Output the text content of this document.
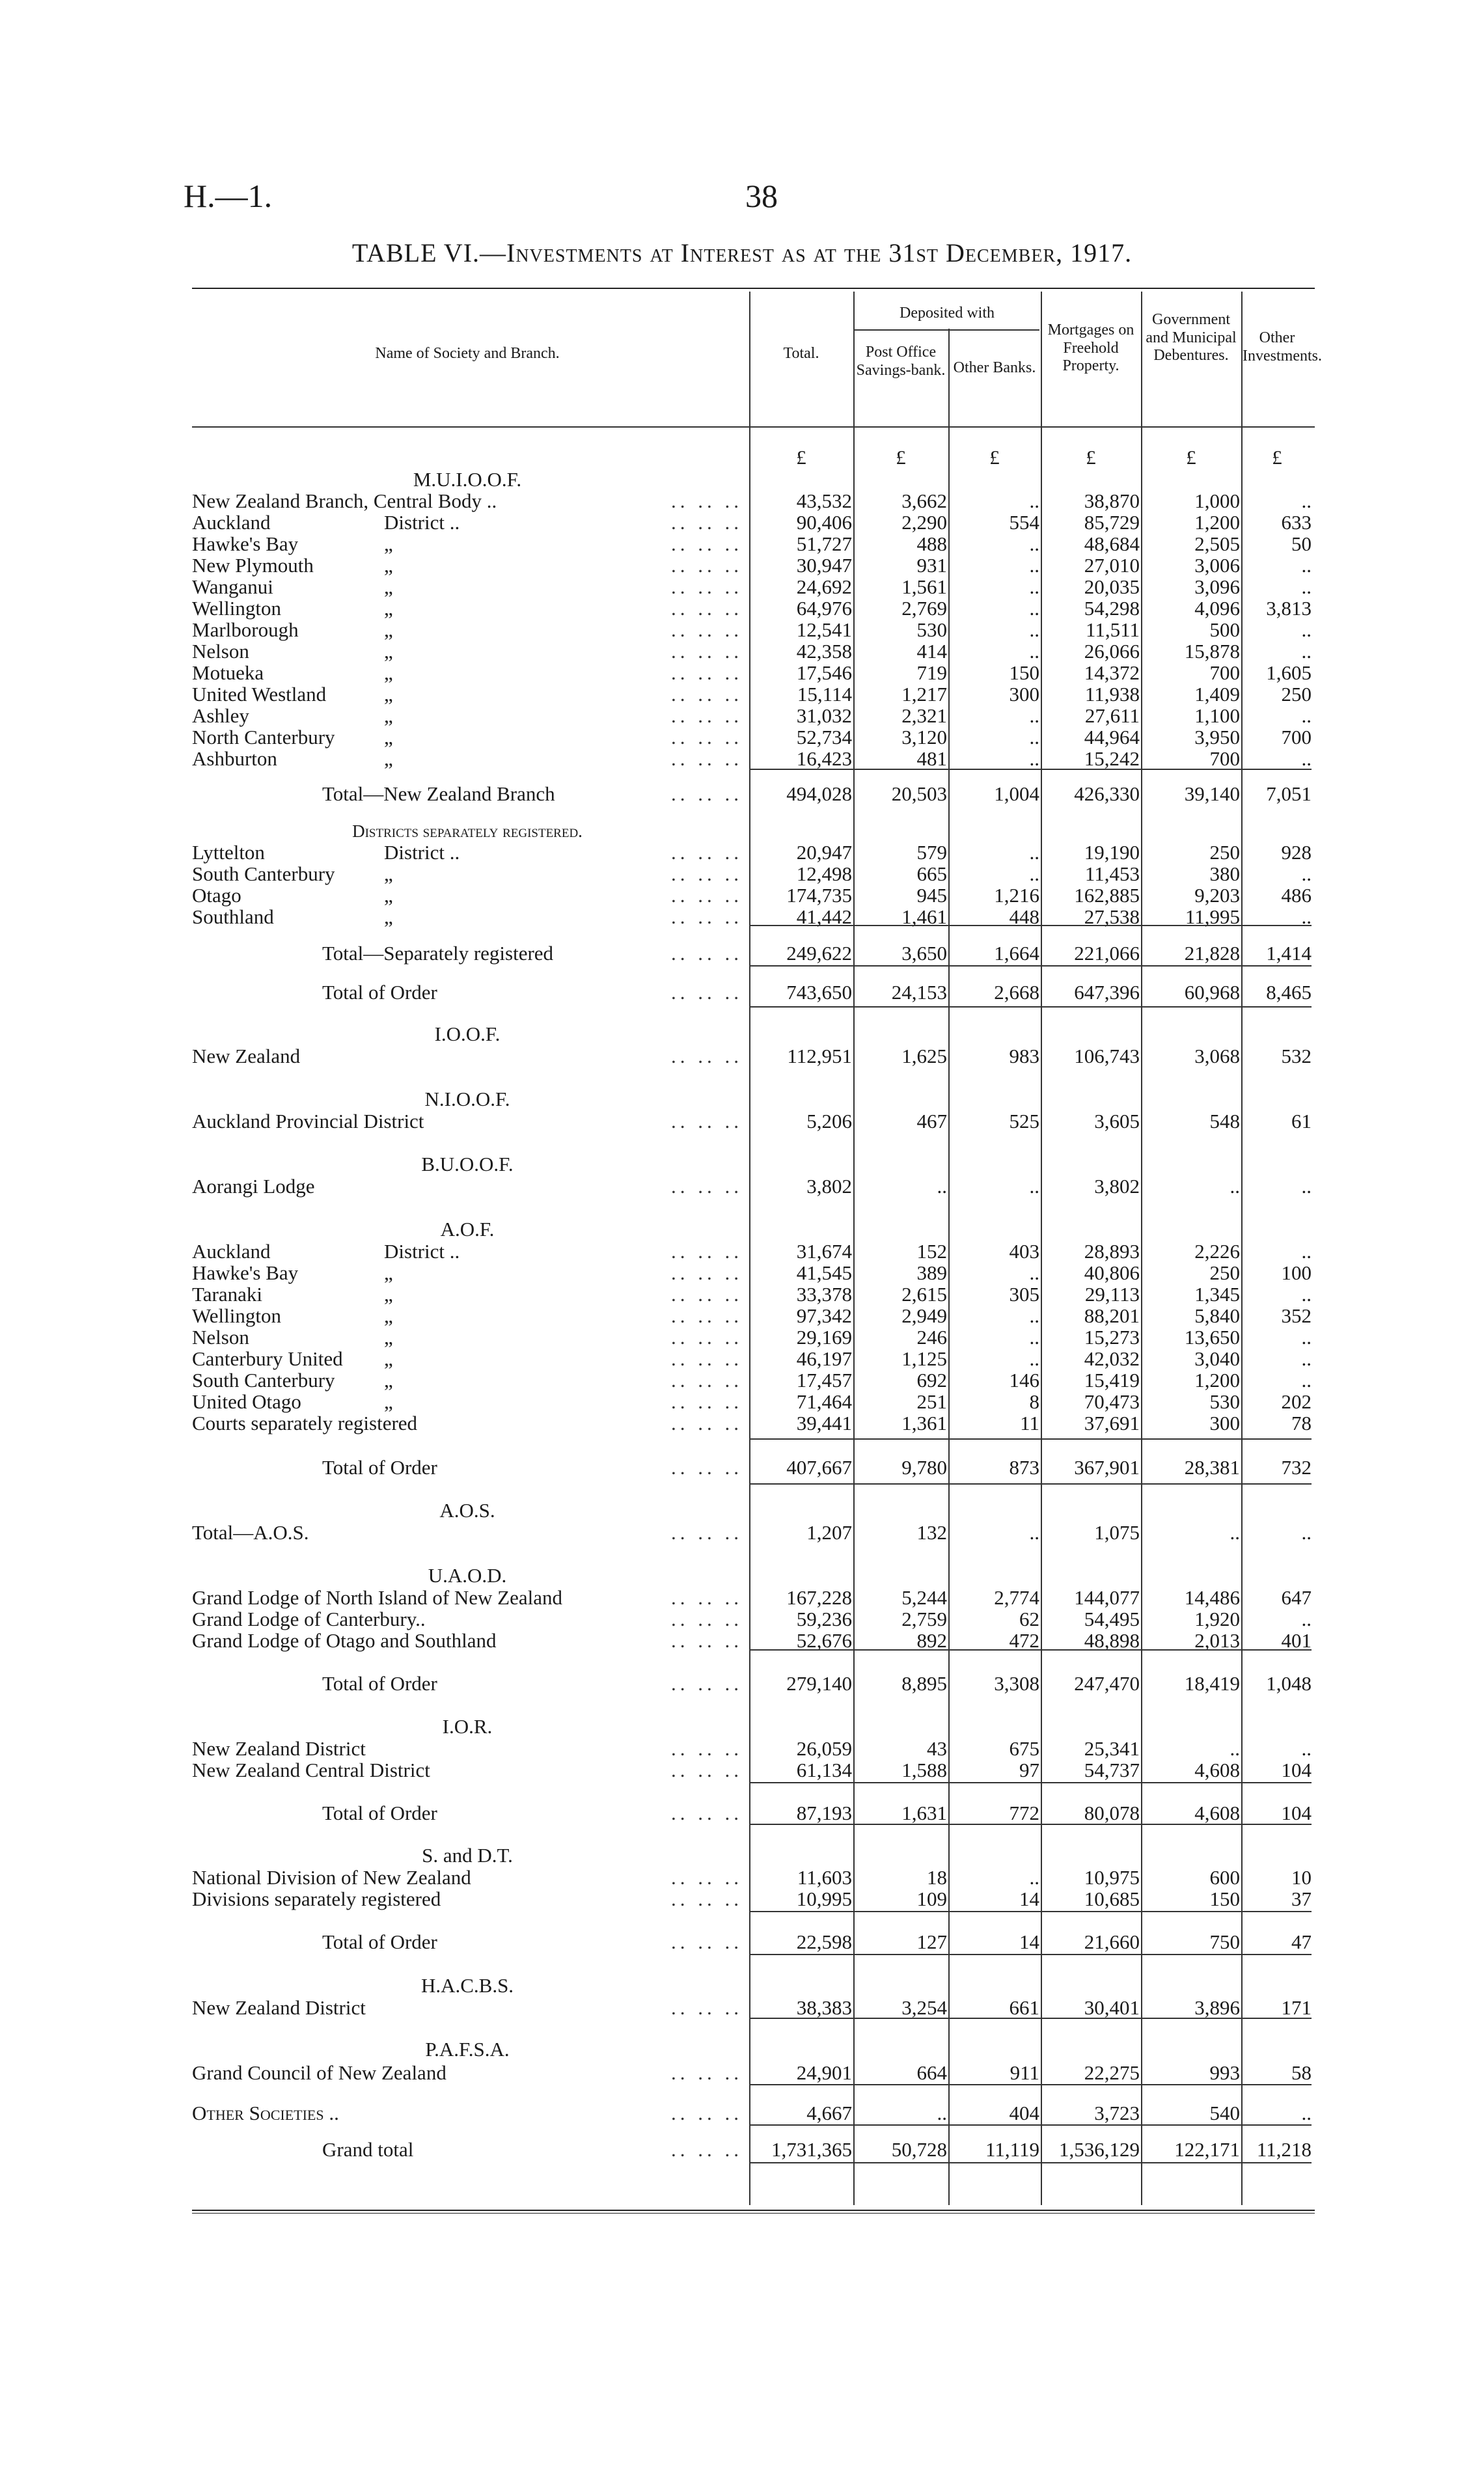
H.—1.	38
TABLE VI.—Investments at Interest as at the 31st December, 1917.
Name of Society and Branch.	Total.
Deposited with
Post Office Savings-bank. Other Banks.
Mortgages on Freehold Property.
Government and Municipal Debentures.
Other Investments.
£	£	£	£	£	£
M.U.I.O.O.F.
New Zealand Branch, Central Body ..	.. .. ..	43,532	3,662	..	38,870	1,000	..
Auckland	District ..	.. .. ..	90,406	2,290	554	85,729	1,200	633
Hawke's Bay	„	.. .. ..	51,727	488	..	48,684	2,505	50
New Plymouth	„	.. .. ..	30,947	931	..	27,010	3,006	..
Wanganui	„	.. .. ..	24,692	1,561	..	20,035	3,096	..
Wellington	„	.. .. ..	64,976	2,769	..	54,298	4,096	3,813
Marlborough	„	.. .. ..	12,541	530	..	11,511	500	..
Nelson	„	.. .. ..	42,358	414	..	26,066	15,878	..
Motueka	„	.. .. ..	17,546	719	150	14,372	700	1,605
United Westland	„	.. .. ..	15,114	1,217	300	11,938	1,409	250
Ashley	„	.. .. ..	31,032	2,321	..	27,611	1,100	..
North Canterbury „	.. .. ..	52,734	3,120	..	44,964	3,950	700
Ashburton	„	.. .. ..	16,423	481	..	15,242	700	..
Total—New Zealand Branch	.. .. ..	494,028	20,503	1,004	426,330	39,140	7,051
Districts separately registered.
Lyttelton	District ..	.. .. ..	20,947	579	..	19,190	250	928
South Canterbury „	.. .. ..	12,498	665	..	11,453	380	..
Otago	„	.. .. ..	174,735	945	1,216	162,885	9,203	486
Southland	„	.. .. ..	41,442	1,461	448	27,538	11,995	..
Total—Separately registered	.. .. ..	249,622	3,650	1,664	221,066	21,828	1,414
Total of Order	.. .. ..	743,650	24,153	2,668	647,396	60,968	8,465
I.O.O.F.
New Zealand	.. .. ..	112,951	1,625	983	106,743	3,068	532
N.I.O.O.F.
Auckland Provincial District	.. .. ..	5,206	467	525	3,605	548	61
B.U.O.O.F.
Aorangi Lodge	.. .. ..	3,802	..	..	3,802	..	..
A.O.F.
Auckland	District ..	.. .. ..	31,674	152	403	28,893	2,226	..
Hawke's Bay	„	.. .. ..	41,545	389	..	40,806	250	100
Taranaki	„	.. .. ..	33,378	2,615	305	29,113	1,345	..
Wellington	„	.. .. ..	97,342	2,949	..	88,201	5,840	352
Nelson	„	.. .. ..	29,169	246	..	15,273	13,650	..
Canterbury United „	.. .. ..	46,197	1,125	..	42,032	3,040	..
South Canterbury „	.. .. ..	17,457	692	146	15,419	1,200	..
United Otago	„	.. .. ..	71,464	251	8	70,473	530	202
Courts separately registered	.. .. ..	39,441	1,361	11	37,691	300	78
Total of Order	.. .. ..	407,667	9,780	873	367,901	28,381	732
A.O.S.
Total—A.O.S.	.. .. ..	1,207	132	..	1,075	..	..
U.A.O.D.
Grand Lodge of North Island of New Zealand	.. .. ..	167,228	5,244	2,774	144,077	14,486	647
Grand Lodge of Canterbury..	.. .. ..	59,236	2,759	62	54,495	1,920	..
Grand Lodge of Otago and Southland	.. .. ..	52,676	892	472	48,898	2,013	401
Total of Order	.. .. ..	279,140	8,895	3,308	247,470	18,419	1,048
I.O.R.
New Zealand District	.. .. ..	26,059	43	675	25,341	..	..
New Zealand Central District	.. .. ..	61,134	1,588	97	54,737	4,608	104
Total of Order	.. .. ..	87,193	1,631	772	80,078	4,608	104
S. and D.T.
National Division of New Zealand	.. .. ..	11,603	18	..	10,975	600	10
Divisions separately registered	.. .. ..	10,995	109	14	10,685	150	37
Total of Order	.. .. ..	22,598	127	14	21,660	750	47
H.A.C.B.S.
New Zealand District	.. .. ..	38,383	3,254	661	30,401	3,896	171
P.A.F.S.A.
Grand Council of New Zealand	.. .. ..	24,901	664	911	22,275	993	58
Other Societies ..	.. .. ..	4,667	..	404	3,723	540	..
Grand total	.. .. ..	1,731,365	50,728	11,119 1,536,129	122,171 11,218
